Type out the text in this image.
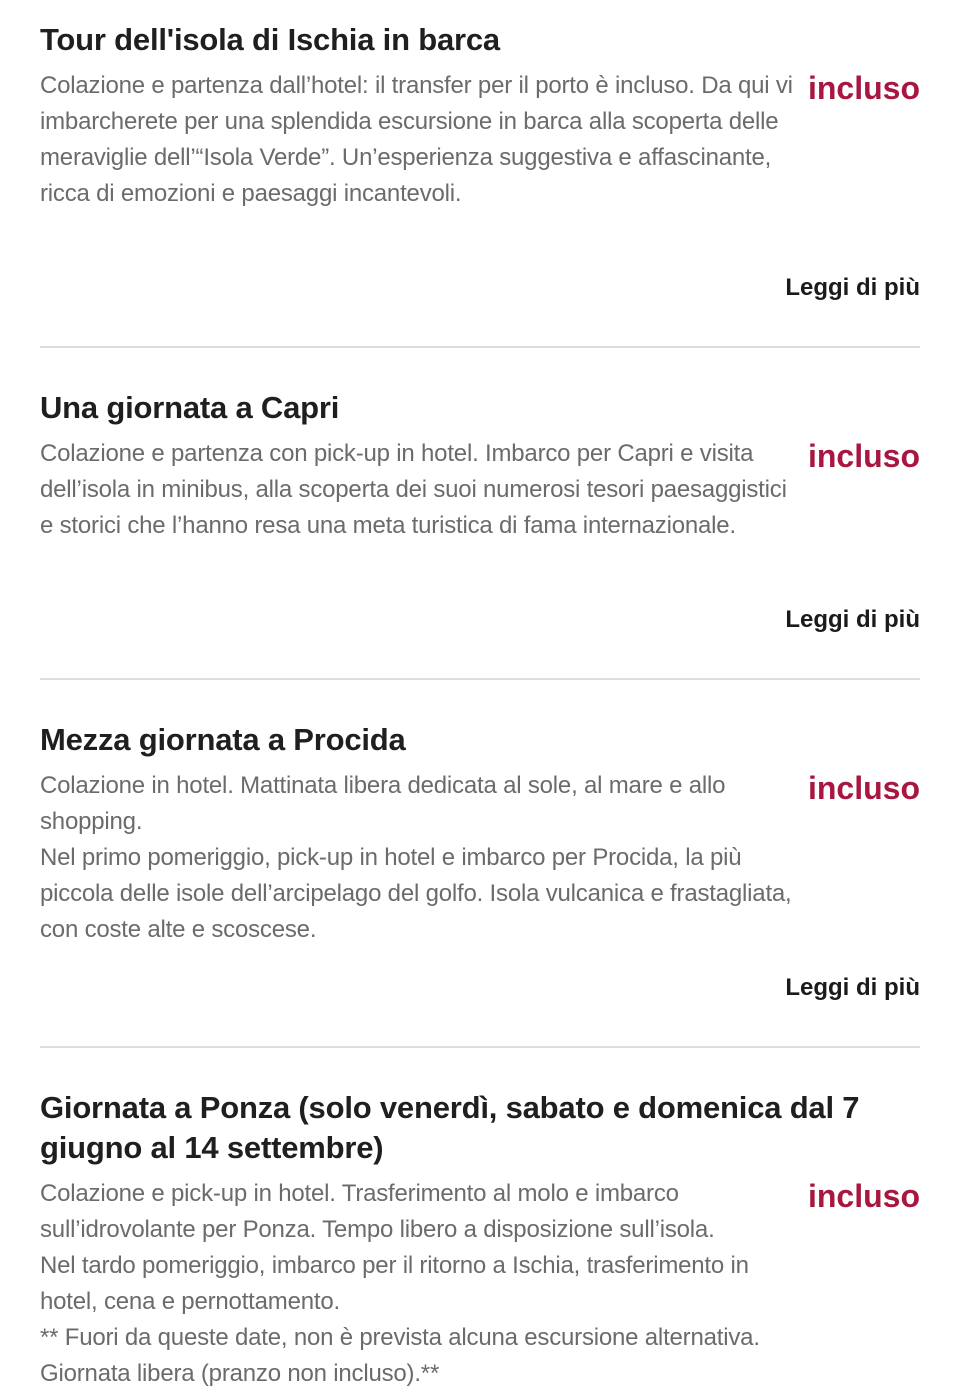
Tour dell'isola di Ischia in barca

Colazione e partenza dall’hotel: il transfer per il porto è incluso. Da qui vi imbarcherete per una splendida escursione in barca alla scoperta delle meraviglie dell’“Isola Verde”. Un’esperienza suggestiva e affascinante, ricca di emozioni e paesaggi incantevoli.

incluso
Leggi di più
Una giornata a Capri

Colazione e partenza con pick-up in hotel. Imbarco per Capri e visita dell’isola in minibus, alla scoperta dei suoi numerosi tesori paesaggistici e storici che l’hanno resa una meta turistica di fama internazionale.

incluso
Leggi di più
Mezza giornata a Procida

Colazione in hotel. Mattinata libera dedicata al sole, al mare e allo shopping.

Nel primo pomeriggio, pick-up in hotel e imbarco per Procida, la più piccola delle isole dell’arcipelago del golfo. Isola vulcanica e frastagliata, con coste alte e scoscese.

incluso
Leggi di più
Giornata a Ponza (solo venerdì, sabato e domenica dal 7 giugno al 14 settembre)

Colazione e pick-up in hotel. Trasferimento al molo e imbarco sull’idrovolante per Ponza. Tempo libero a disposizione sull’isola.

Nel tardo pomeriggio, imbarco per il ritorno a Ischia, trasferimento in hotel, cena e pernottamento.

** Fuori da queste date, non è prevista alcuna escursione alternativa. Giornata libera (pranzo non incluso).**

incluso
